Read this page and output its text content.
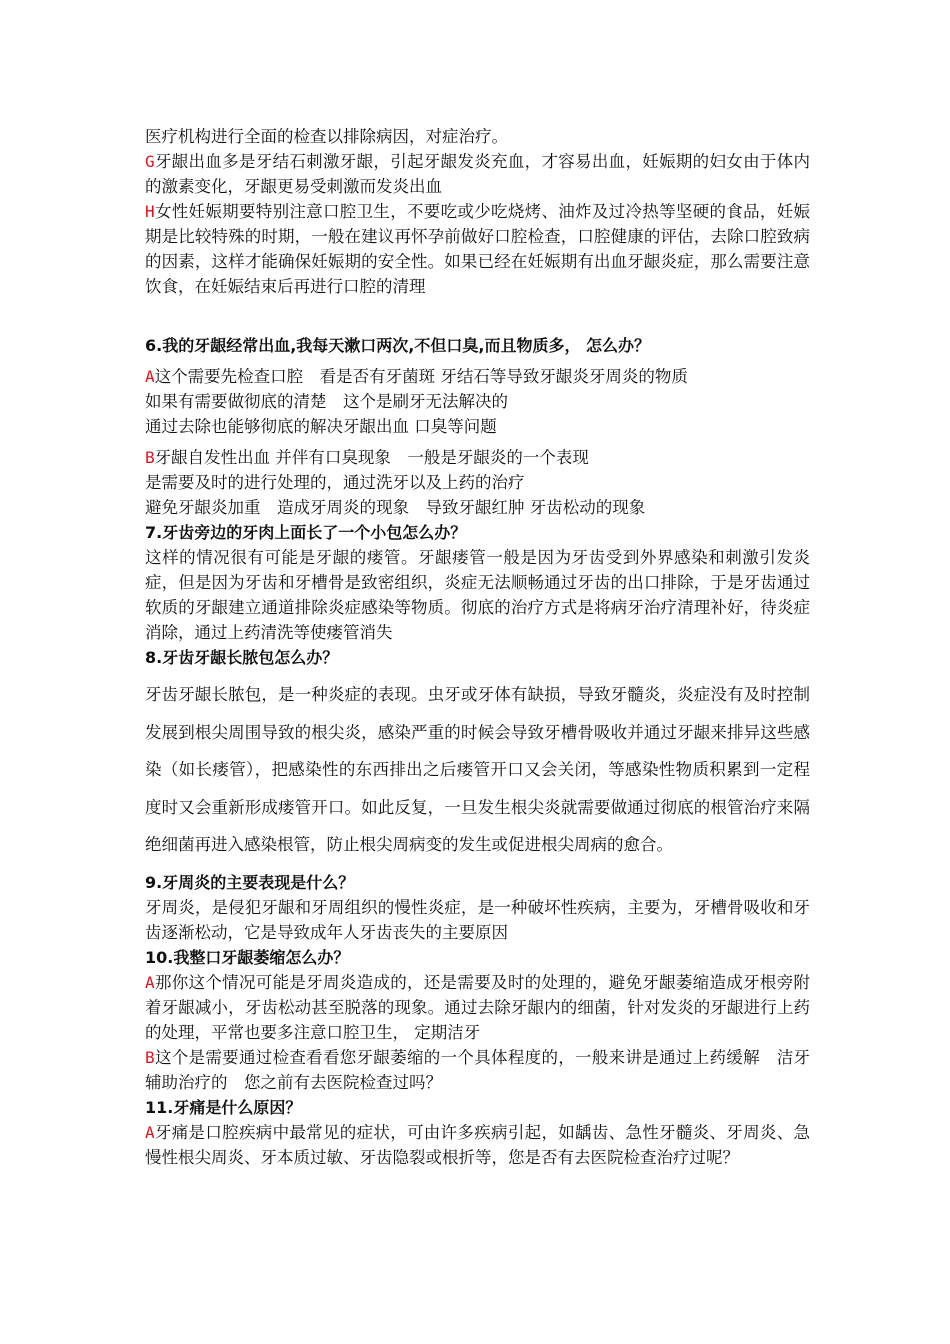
医疗机构进行全面的检查以排除病因，对症治疗。

G牙龈出血多是牙结石刺激牙龈，引起牙龈发炎充血，才容易出血，妊娠期的妇女由于体内的激素变化，牙龈更易受刺激而发炎出血

H女性妊娠期要特别注意口腔卫生，不要吃或少吃烧烤、油炸及过冷热等坚硬的食品，妊娠期是比较特殊的时期，一般在建议再怀孕前做好口腔检查，口腔健康的评估，去除口腔致病的因素，这样才能确保妊娠期的安全性。如果已经在妊娠期有出血牙龈炎症，那么需要注意饮食，在妊娠结束后再进行口腔的清理

6.我的牙龈经常出血,我每天漱口两次,不但口臭,而且物质多， 怎么办？

A这个需要先检查口腔　看是否有牙菌斑 牙结石等导致牙龈炎牙周炎的物质

如果有需要做彻底的清楚　这个是刷牙无法解决的

通过去除也能够彻底的解决牙龈出血 口臭等问题

B牙龈自发性出血 并伴有口臭现象　一般是牙龈炎的一个表现

是需要及时的进行处理的，通过洗牙以及上药的治疗

避免牙龈炎加重　造成牙周炎的现象　导致牙龈红肿 牙齿松动的现象

7.牙齿旁边的牙肉上面长了一个小包怎么办？

这样的情况很有可能是牙龈的瘘管。牙龈瘘管一般是因为牙齿受到外界感染和刺激引发炎症，但是因为牙齿和牙槽骨是致密组织，炎症无法顺畅通过牙齿的出口排除，于是牙齿通过软质的牙龈建立通道排除炎症感染等物质。彻底的治疗方式是将病牙治疗清理补好，待炎症消除，通过上药清洗等使瘘管消失

8.牙齿牙龈长脓包怎么办？

牙齿牙龈长脓包，是一种炎症的表现。虫牙或牙体有缺损，导致牙髓炎，炎症没有及时控制发展到根尖周围导致的根尖炎，感染严重的时候会导致牙槽骨吸收并通过牙龈来排异这些感染（如长瘘管），把感染性的东西排出之后瘘管开口又会关闭，等感染性物质积累到一定程度时又会重新形成瘘管开口。如此反复，一旦发生根尖炎就需要做通过彻底的根管治疗来隔绝细菌再进入感染根管，防止根尖周病变的发生或促进根尖周病的愈合。

9.牙周炎的主要表现是什么？

牙周炎，是侵犯牙龈和牙周组织的慢性炎症，是一种破坏性疾病，主要为，牙槽骨吸收和牙齿逐渐松动，它是导致成年人牙齿丧失的主要原因

10.我整口牙龈萎缩怎么办？

A那你这个情况可能是牙周炎造成的，还是需要及时的处理的，避免牙龈萎缩造成牙根旁附着牙龈减小，牙齿松动甚至脱落的现象。通过去除牙龈内的细菌，针对发炎的牙龈进行上药的处理，平常也要多注意口腔卫生， 定期洁牙

B这个是需要通过检查看看您牙龈萎缩的一个具体程度的，一般来讲是通过上药缓解　洁牙辅助治疗的　您之前有去医院检查过吗？

11.牙痛是什么原因？

A牙痛是口腔疾病中最常见的症状，可由许多疾病引起，如龋齿、急性牙髓炎、牙周炎、急慢性根尖周炎、牙本质过敏、牙齿隐裂或根折等，您是否有去医院检查治疗过呢？
